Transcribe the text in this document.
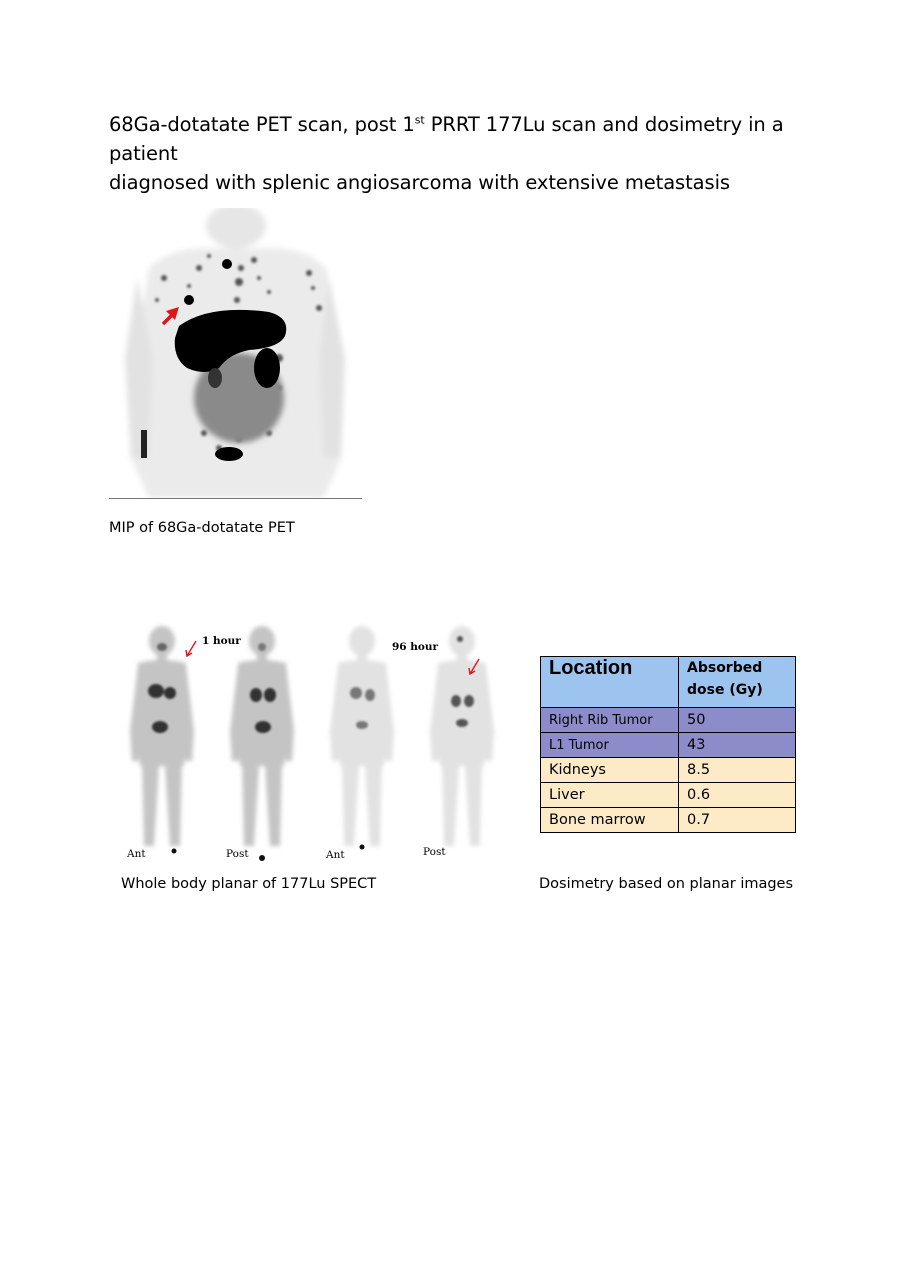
68Ga-dotatate PET scan, post 1st PRRT 177Lu scan and dosimetry in a patient
diagnosed with splenic angiosarcoma with extensive metastasis

MIP of 68Ga-dotatate PET

1 hour	96 hour
Ant	Post	Ant	Post

Whole body planar of 177Lu SPECT

Location	Absorbed dose (Gy)
Right Rib Tumor	50
L1 Tumor	43
Kidneys	8.5
Liver	0.6
Bone marrow	0.7

Dosimetry based on planar images
